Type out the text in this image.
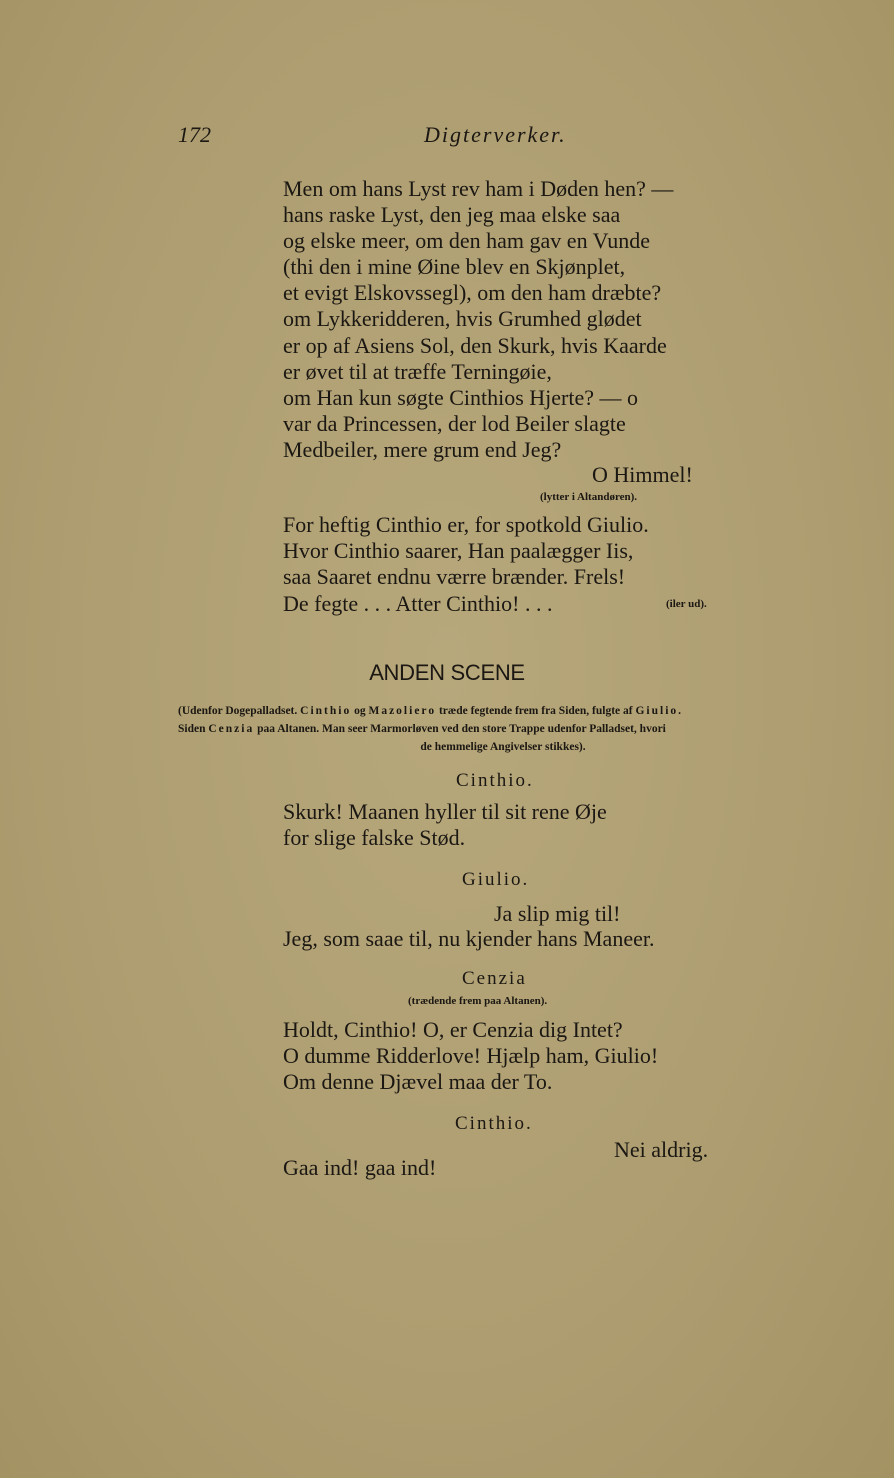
172	Digterverker.
Men om hans Lyst rev ham i Døden hen? —
hans raske Lyst, den jeg maa elske saa
og elske meer, om den ham gav en Vunde
(thi den i mine Øine blev en Skjønplet,
et evigt Elskovssegl), om den ham dræbte?
om Lykkeridderen, hvis Grumhed glødet
er op af Asiens Sol, den Skurk, hvis Kaarde
er øvet til at træffe Terningøie,
om Han kun søgte Cinthios Hjerte? — o
var da Princessen, der lod Beiler slagte
Medbeiler, mere grum end Jeg?
O Himmel!
(lytter i Altandøren).
For heftig Cinthio er, for spotkold Giulio.
Hvor Cinthio saarer, Han paalægger Iis,
saa Saaret endnu værre brænder. Frels!
De fegte . . . Atter Cinthio! . . .	(iler ud).
ANDEN SCENE
(Udenfor Dogepalladset. Cinthio og Mazoliero træde fegtende frem fra Siden, fulgte af Giulio.
Siden Cenzia paa Altanen. Man seer Marmorløven ved den store Trappe udenfor Palladset, hvori
de hemmelige Angivelser stikkes).
Cinthio.
Skurk! Maanen hyller til sit rene Øje
for slige falske Stød.
Giulio.
Ja slip mig til!
Jeg, som saae til, nu kjender hans Maneer.
Cenzia
(trædende frem paa Altanen).
Holdt, Cinthio! O, er Cenzia dig Intet?
O dumme Ridderlove! Hjælp ham, Giulio!
Om denne Djævel maa der To.
Cinthio.
Nei aldrig.
Gaa ind! gaa ind!
